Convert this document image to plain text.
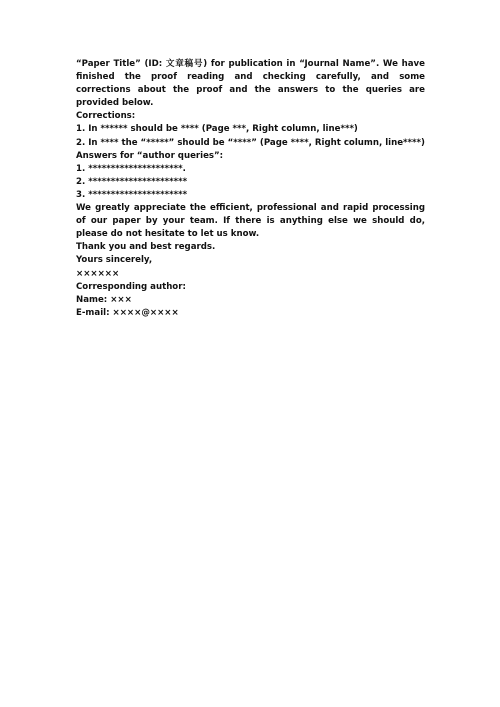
“Paper Title” (ID: 文章稿号) for publication in “Journal Name”. We have finished the proof reading and checking carefully, and some corrections about the proof and the answers to the queries are provided below.
Corrections:
1. In ****** should be **** (Page ***, Right column, line***)
2. In **** the “*****” should be “****” (Page ****, Right column, line****)
Answers for “author queries”:
1. *********************.
2. **********************
3. **********************
We greatly appreciate the efficient, professional and rapid processing of our paper by your team. If there is anything else we should do, please do not hesitate to let us know.
Thank you and best regards.
Yours sincerely,
××××××
Corresponding author:
Name: ×××
E-mail: ××××@××××
